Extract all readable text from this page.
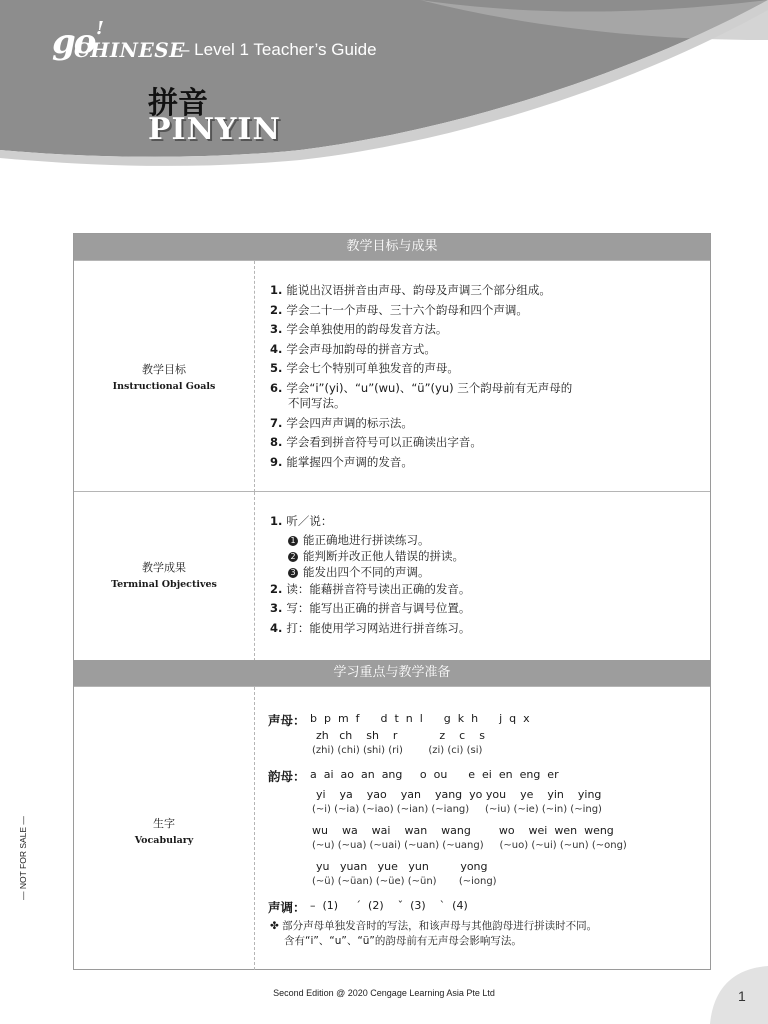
go !
CHINESE
– Level 1 Teacher’s Guide
拼音
PINYIN
教学目标与成果
教学目标
Instructional Goals
1. 能说出汉语拼音由声母、韵母及声调三个部分组成。
2. 学会二十一个声母、三十六个韵母和四个声调。
3. 学会单独使用的韵母发音方法。
4. 学会声母加韵母的拼音方式。
5. 学会七个特别可单独发音的声母。
6. 学会“i”(yi)、“u”(wu)、“ü”(yu) 三个韵母前有无声母的
不同写法。
7. 学会四声声调的标示法。
8. 学会看到拼音符号可以正确读出字音。
9. 能掌握四个声调的发音。
教学成果
Terminal Objectives
1. 听／说：
1 能正确地进行拼读练习。
2 能判断并改正他人错误的拼读。
3 能发出四个不同的声调。
2. 读：能藉拼音符号读出正确的发音。
3. 写：能写出正确的拼音与调号位置。
4. 打：能使用学习网站进行拼音练习。
学习重点与教学准备
生字
Vocabulary
声母： b  p  m  f      d  t  n  l      g  k  h      j  q  x
zh   ch    sh    r            z    c    s
(zhi) (chi) (shi) (ri)        (zi) (ci) (si)
韵母： a  ai  ao  an  ang     o  ou      e  ei  en  eng  er
yi    ya    yao    yan    yang  yo you    ye    yin    ying
(~i) (~ia) (~iao) (~ian) (~iang)     (~iu) (~ie) (~in) (~ing)
wu    wa    wai    wan    wang        wo    wei  wen  weng
(~u) (~ua) (~uai) (~uan) (~uang)     (~uo) (~ui) (~un) (~ong)
yu   yuan   yue   yun         yong
(~ü) (~üan) (~üe) (~ün)       (~iong)
声调： –  (1)     ˊ  (2)    ˇ  (3)    ˋ  (4)
✤ 部分声母单独发音时的写法，和该声母与其他韵母进行拼读时不同。
含有“i”、“u”、“ü”的韵母前有无声母会影响写法。
— NOT FOR SALE —
Second Edition @ 2020 Cengage Learning Asia Pte Ltd	1
